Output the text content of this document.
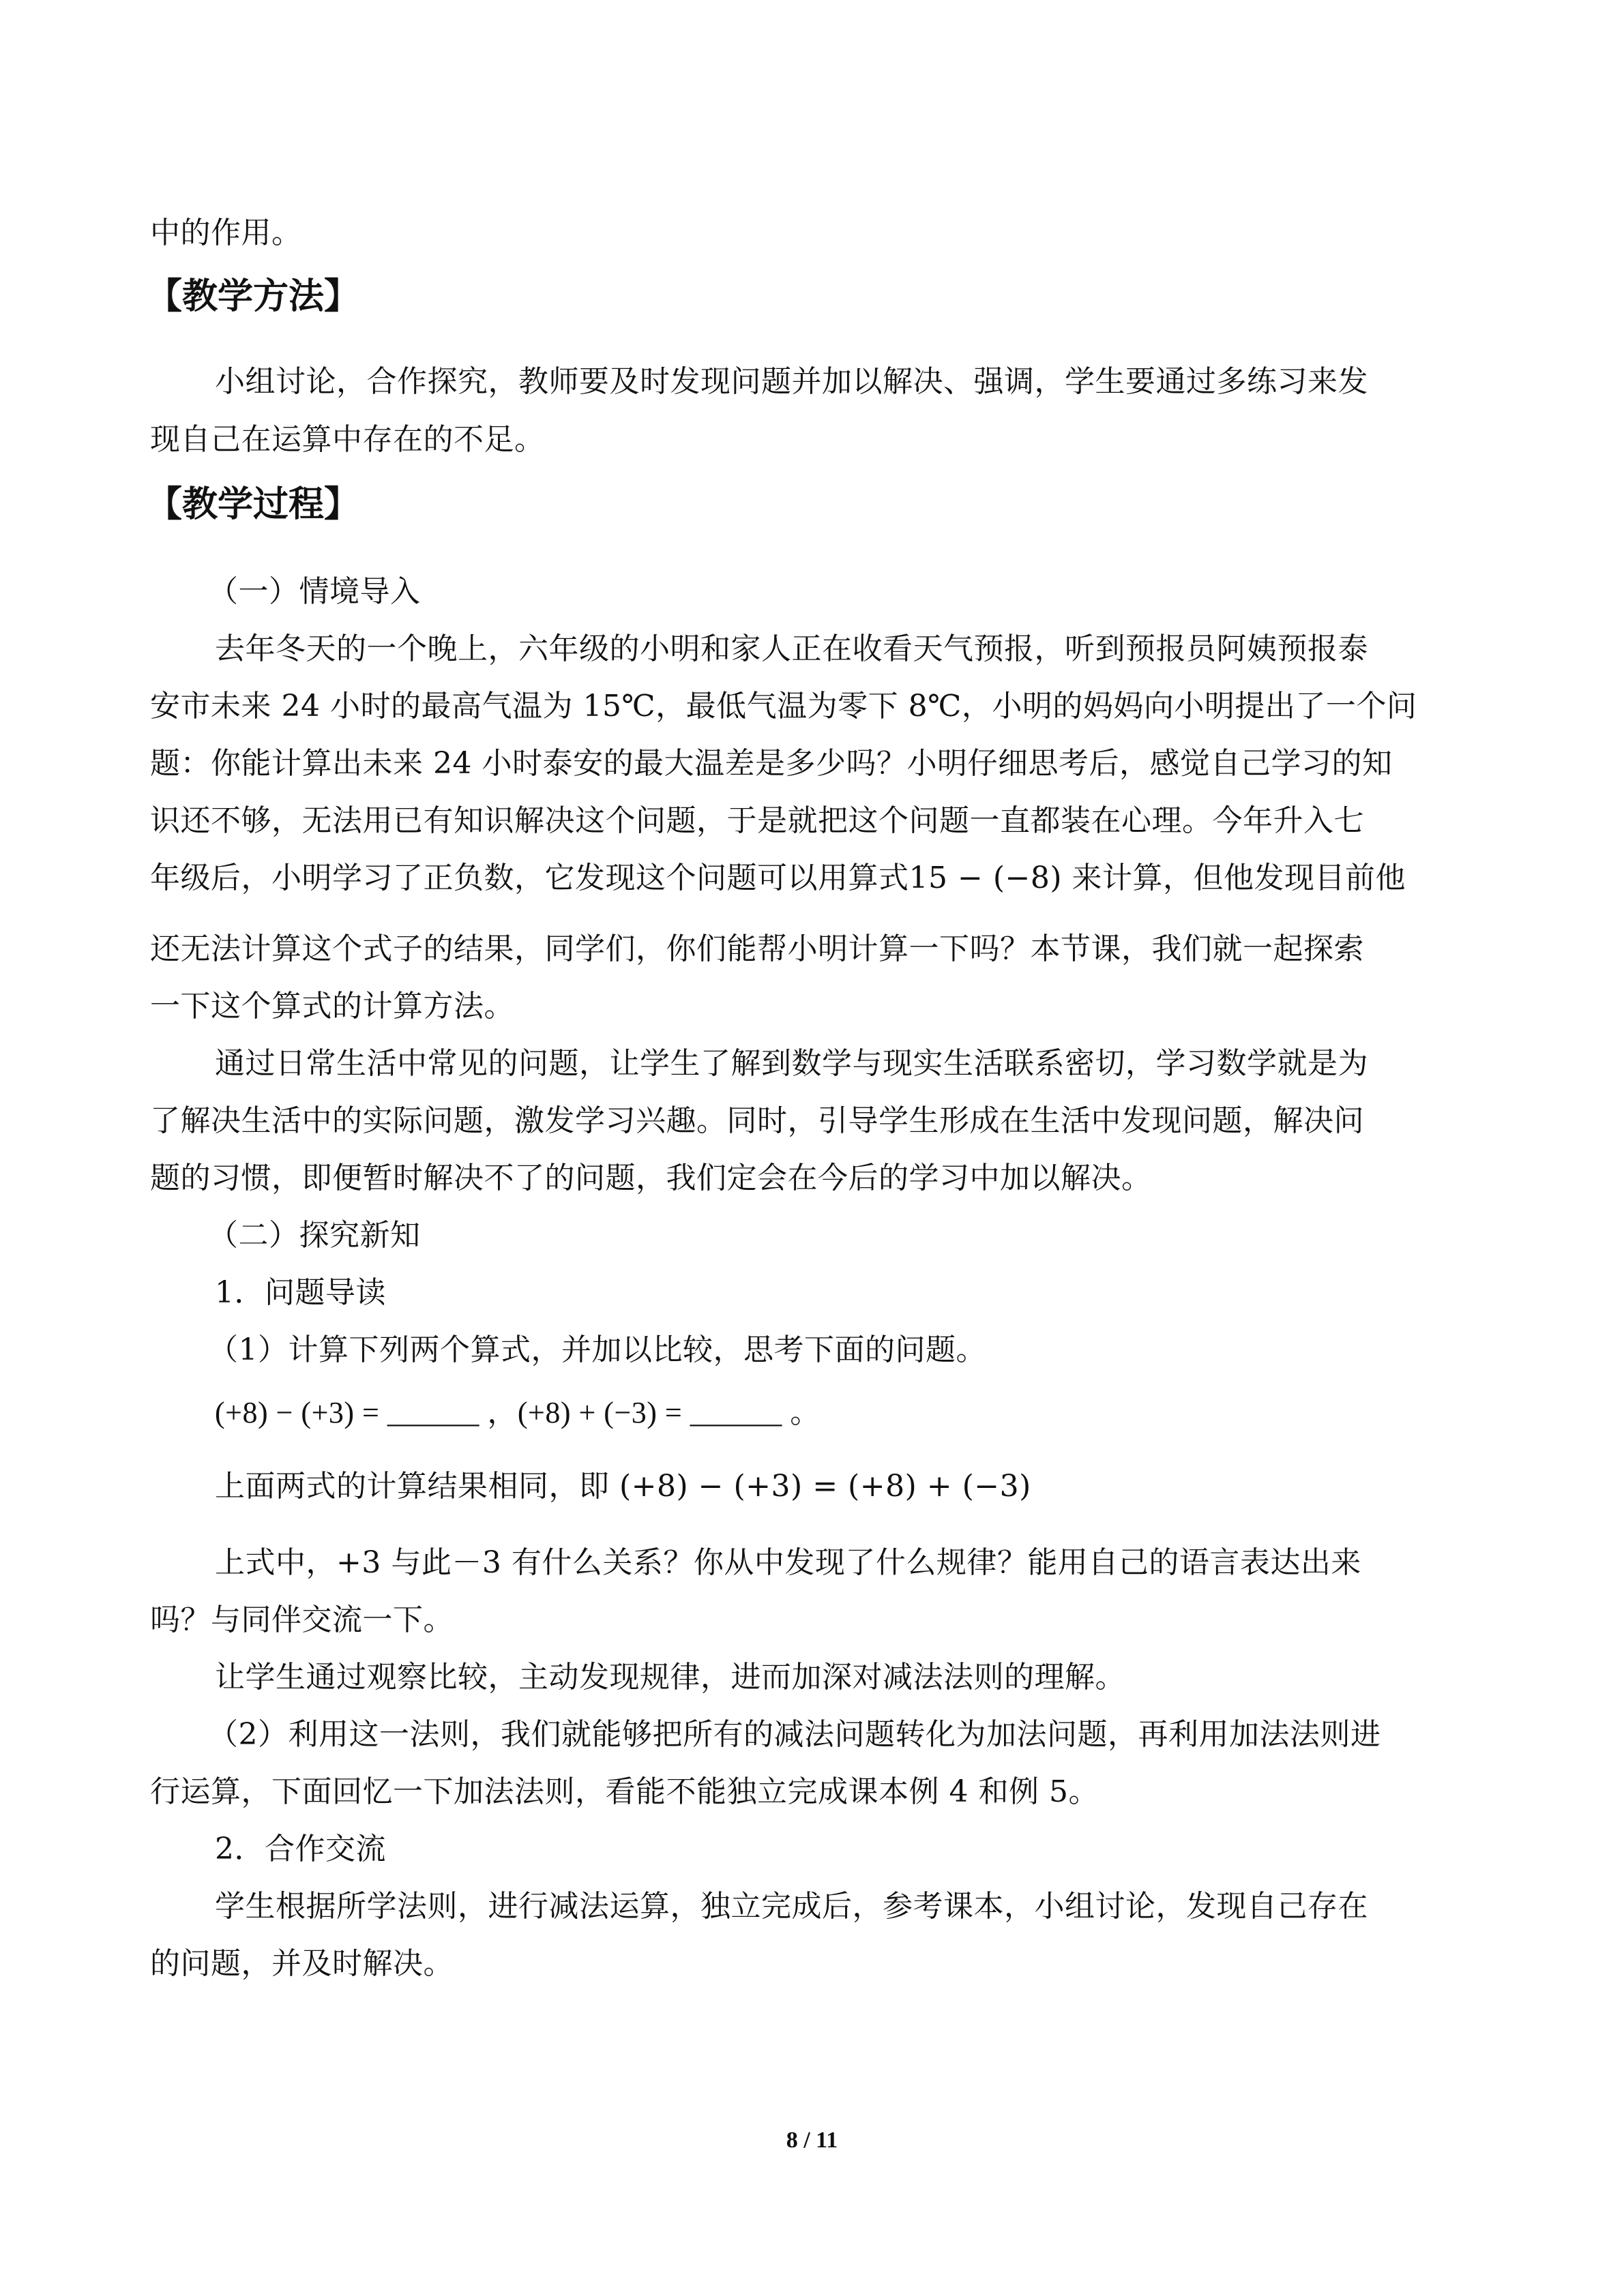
中的作用。
【教学方法】
小组讨论，合作探究，教师要及时发现问题并加以解决、强调，学生要通过多练习来发
现自己在运算中存在的不足。
【教学过程】
（一）情境导入
去年冬天的一个晚上，六年级的小明和家人正在收看天气预报，听到预报员阿姨预报泰
安市未来 24 小时的最高气温为 15℃，最低气温为零下 8℃，小明的妈妈向小明提出了一个问
题：你能计算出未来 24 小时泰安的最大温差是多少吗？小明仔细思考后，感觉自己学习的知
识还不够，无法用已有知识解决这个问题，于是就把这个问题一直都装在心理。今年升入七
年级后，小明学习了正负数，它发现这个问题可以用算式15 − (−8) 来计算，但他发现目前他
还无法计算这个式子的结果，同学们，你们能帮小明计算一下吗？本节课，我们就一起探索
一下这个算式的计算方法。
通过日常生活中常见的问题，让学生了解到数学与现实生活联系密切，学习数学就是为
了解决生活中的实际问题，激发学习兴趣。同时，引导学生形成在生活中发现问题，解决问
题的习惯，即便暂时解决不了的问题，我们定会在今后的学习中加以解决。
（二）探究新知
1．问题导读
（1）计算下列两个算式，并加以比较，思考下面的问题。
(+8) − (+3) = ______ ，(+8) + (−3) = ______ 。
上面两式的计算结果相同，即 (+8) − (+3) = (+8) + (−3)
上式中，+3 与此－3 有什么关系？你从中发现了什么规律？能用自己的语言表达出来
吗？与同伴交流一下。
让学生通过观察比较，主动发现规律，进而加深对减法法则的理解。
（2）利用这一法则，我们就能够把所有的减法问题转化为加法问题，再利用加法法则进
行运算，下面回忆一下加法法则，看能不能独立完成课本例 4 和例 5。
2．合作交流
学生根据所学法则，进行减法运算，独立完成后，参考课本，小组讨论，发现自己存在
的问题，并及时解决。
8 / 11
